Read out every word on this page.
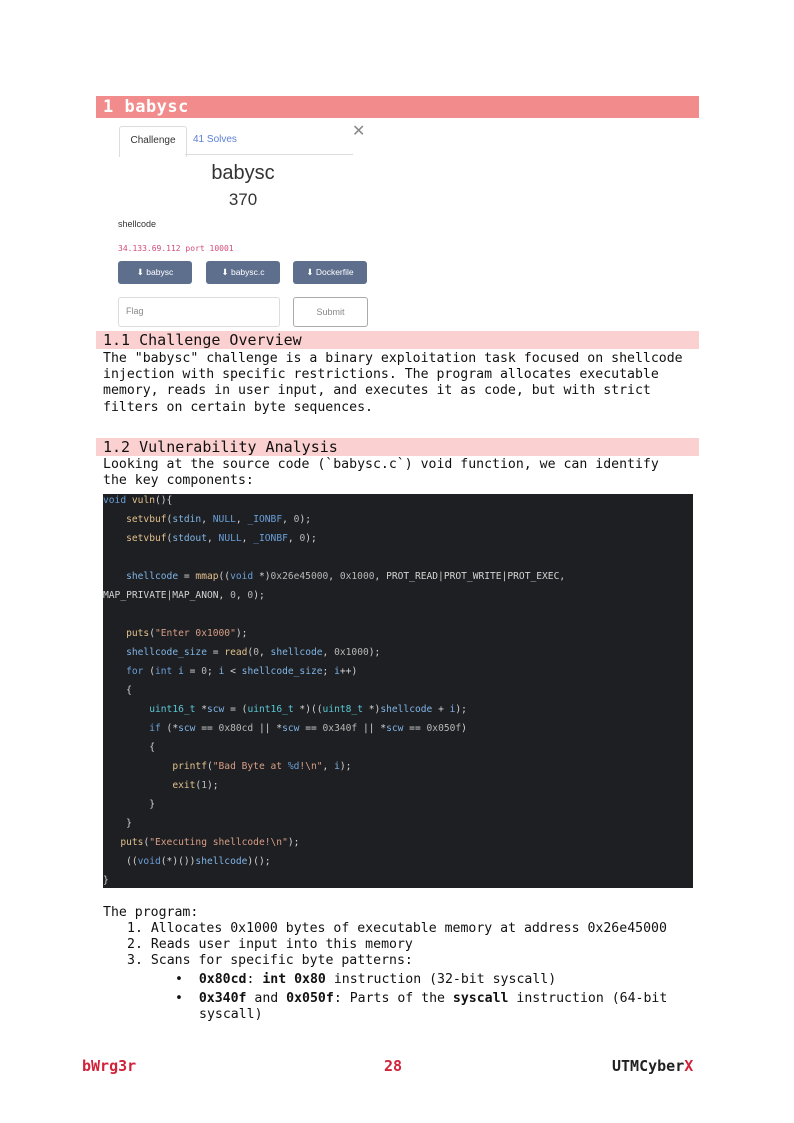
1 babysc
Challenge	41 Solves	✕
babysc
370
shellcode
34.133.69.112 port 10001
⬇ babysc	⬇ babysc.c	⬇ Dockerfile
Flag	Submit
1.1 Challenge Overview
The "babysc" challenge is a binary exploitation task focused on shellcode
injection with specific restrictions. The program allocates executable
memory, reads in user input, and executes it as code, but with strict
filters on certain byte sequences.
1.2 Vulnerability Analysis
Looking at the source code (`babysc.c`) void function, we can identify
the key components:
void vuln(){
setvbuf(stdin, NULL, _IONBF, 0);
setvbuf(stdout, NULL, _IONBF, 0);
shellcode = mmap((void *)0x26e45000, 0x1000, PROT_READ|PROT_WRITE|PROT_EXEC,
MAP_PRIVATE|MAP_ANON, 0, 0);
puts("Enter 0x1000");
shellcode_size = read(0, shellcode, 0x1000);
for (int i = 0; i < shellcode_size; i++)
{
uint16_t *scw = (uint16_t *)((uint8_t *)shellcode + i);
if (*scw == 0x80cd || *scw == 0x340f || *scw == 0x050f)
{
printf("Bad Byte at %d!\n", i);
exit(1);
}
}
puts("Executing shellcode!\n");
((void(*)())shellcode)();
}
The program:
1. Allocates 0x1000 bytes of executable memory at address 0x26e45000
2. Reads user input into this memory
3. Scans for specific byte patterns:
•  0x80cd: int 0x80 instruction (32-bit syscall)
•  0x340f and 0x050f: Parts of the syscall instruction (64-bit
syscall)
bWrg3r	28	UTMCyberX
